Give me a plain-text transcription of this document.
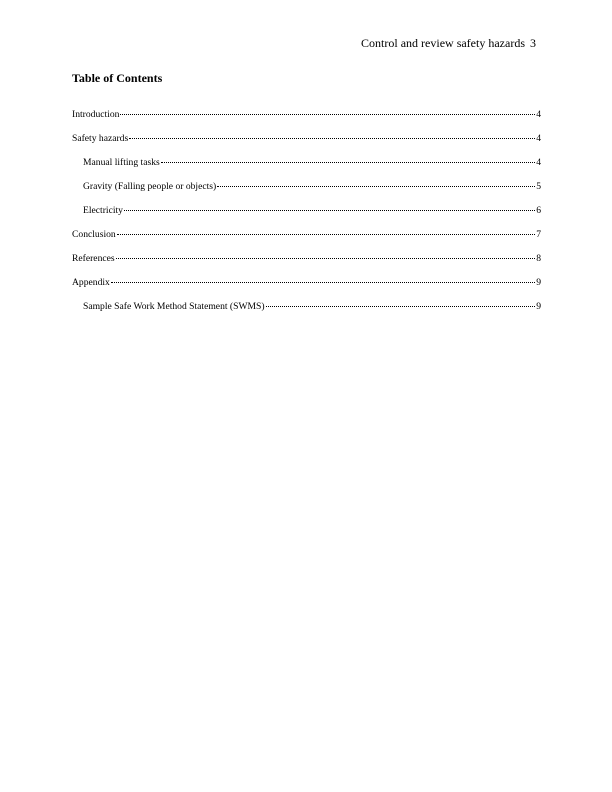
Control and review safety hazards 3
Table of Contents
Introduction	4
Safety hazards	4
Manual lifting tasks	4
Gravity (Falling people or objects)	5
Electricity	6
Conclusion	7
References	8
Appendix	9
Sample Safe Work Method Statement (SWMS)	9
